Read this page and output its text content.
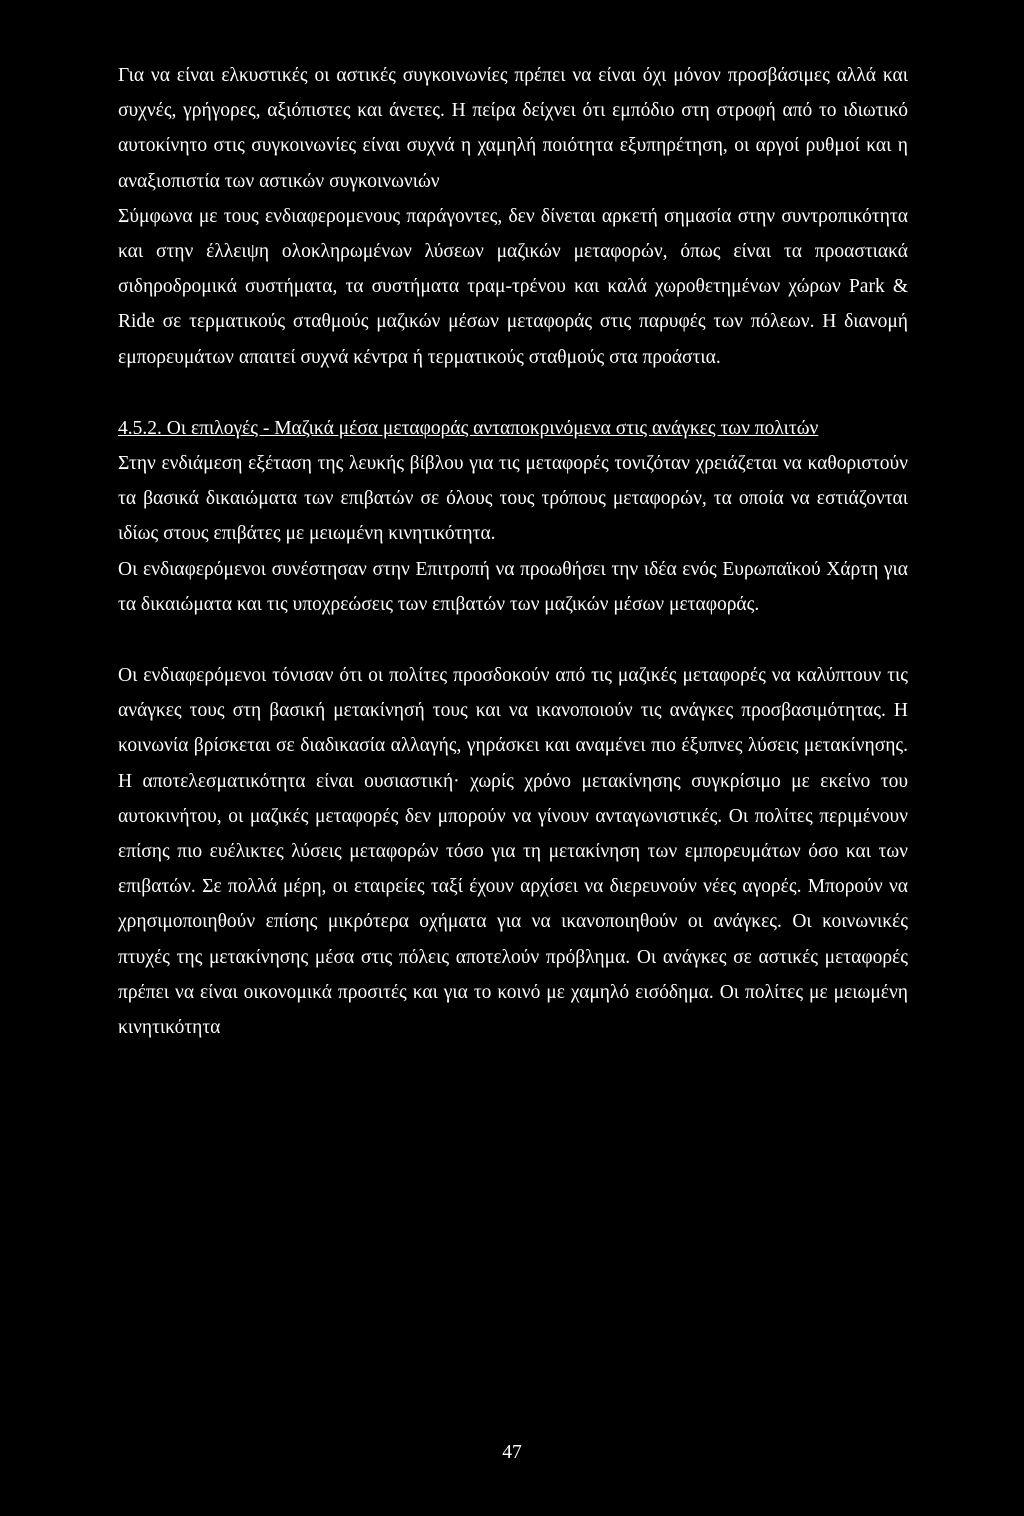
Για να είναι ελκυστικές οι αστικές συγκοινωνίες πρέπει να είναι όχι μόνον προσβάσιμες αλλά και συχνές, γρήγορες, αξιόπιστες και άνετες. Η πείρα δείχνει ότι εμπόδιο στη στροφή από το ιδιωτικό αυτοκίνητο στις συγκοινωνίες είναι συχνά η χαμηλή ποιότητα εξυπηρέτηση, οι αργοί ρυθμοί και η αναξιοπιστία των αστικών συγκοινωνιών

Σύμφωνα με τους ενδιαφερομενους παράγοντες, δεν δίνεται αρκετή σημασία στην συντροπικότητα και στην έλλειψη ολοκληρωμένων λύσεων μαζικών μεταφορών, όπως είναι τα προαστιακά σιδηροδρομικά συστήματα, τα συστήματα τραμ-τρένου και καλά χωροθετημένων χώρων Park & Ride σε τερματικούς σταθμούς μαζικών μέσων μεταφοράς στις παρυφές των πόλεων. Η διανομή εμπορευμάτων απαιτεί συχνά κέντρα ή τερματικούς σταθμούς στα προάστια.

4.5.2. Οι επιλογές - Μαζικά μέσα μεταφοράς ανταποκρινόμενα στις ανάγκες των πολιτών

Στην ενδιάμεση εξέταση της λευκής βίβλου για τις μεταφορές τονιζόταν χρειάζεται να καθοριστούν τα βασικά δικαιώματα των επιβατών σε όλους τους τρόπους μεταφορών, τα οποία να εστιάζονται ιδίως στους επιβάτες με μειωμένη κινητικότητα.

Οι ενδιαφερόμενοι συνέστησαν στην Επιτροπή να προωθήσει την ιδέα ενός Ευρωπαϊκού Χάρτη για τα δικαιώματα και τις υποχρεώσεις των επιβατών των μαζικών μέσων μεταφοράς.

Οι ενδιαφερόμενοι τόνισαν ότι οι πολίτες προσδοκούν από τις μαζικές μεταφορές να καλύπτουν τις ανάγκες τους στη βασική μετακίνησή τους και να ικανοποιούν τις ανάγκες προσβασιμότητας. Η κοινωνία βρίσκεται σε διαδικασία αλλαγής, γηράσκει και αναμένει πιο έξυπνες λύσεις μετακίνησης. Η αποτελεσματικότητα είναι ουσιαστική· χωρίς χρόνο μετακίνησης συγκρίσιμο με εκείνο του αυτοκινήτου, οι μαζικές μεταφορές δεν μπορούν να γίνουν ανταγωνιστικές. Οι πολίτες περιμένουν επίσης πιο ευέλικτες λύσεις μεταφορών τόσο για τη μετακίνηση των εμπορευμάτων όσο και των επιβατών. Σε πολλά μέρη, οι εταιρείες ταξί έχουν αρχίσει να διερευνούν νέες αγορές. Μπορούν να χρησιμοποιηθούν επίσης μικρότερα οχήματα για να ικανοποιηθούν οι ανάγκες. Οι κοινωνικές πτυχές της μετακίνησης μέσα στις πόλεις αποτελούν πρόβλημα. Οι ανάγκες σε αστικές μεταφορές πρέπει να είναι οικονομικά προσιτές και για το κοινό με χαμηλό εισόδημα. Οι πολίτες με μειωμένη κινητικότητα

47
